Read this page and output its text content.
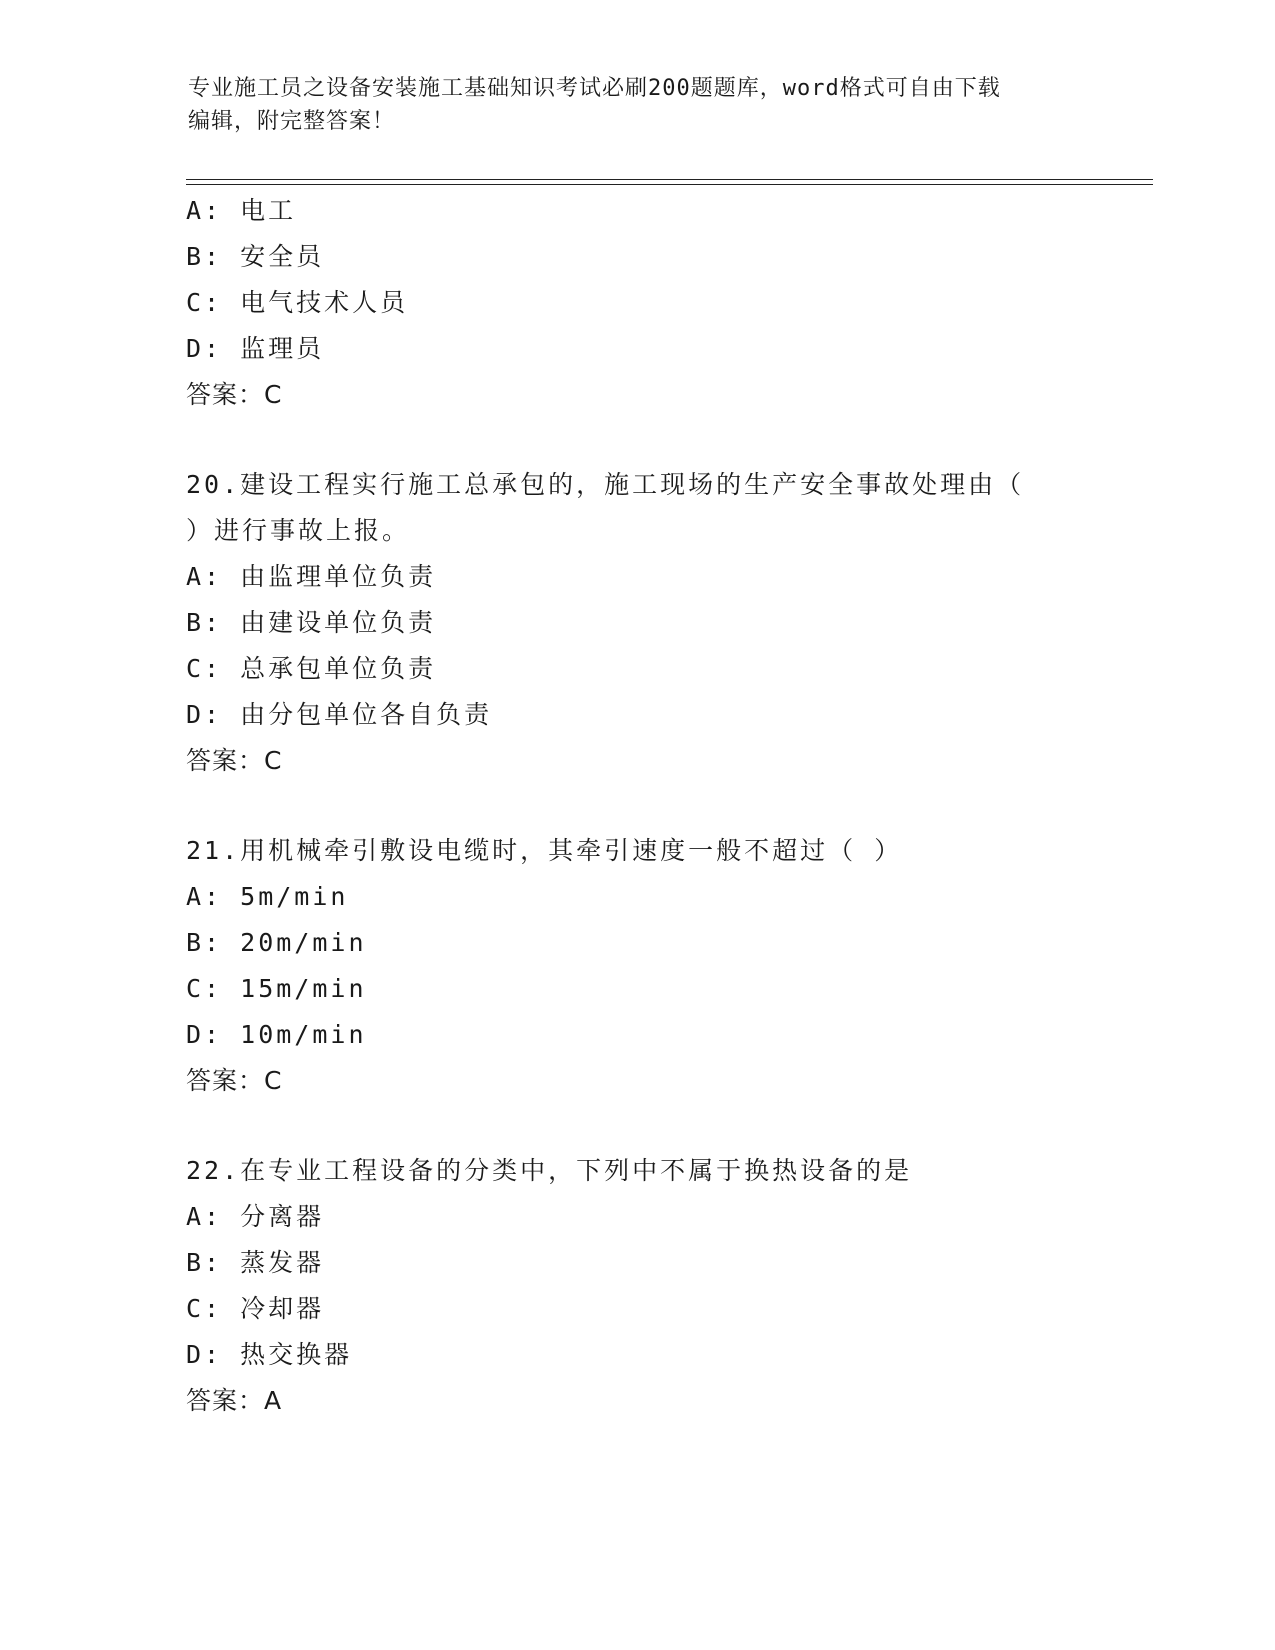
专业施工员之设备安装施工基础知识考试必刷200题题库，word格式可自由下载
编辑，附完整答案！
A: 电工
B: 安全员
C: 电气技术人员
D: 监理员
答案：C
20.建设工程实行施工总承包的，施工现场的生产安全事故处理由（
）进行事故上报。
A: 由监理单位负责
B: 由建设单位负责
C: 总承包单位负责
D: 由分包单位各自负责
答案：C
21.用机械牵引敷设电缆时，其牵引速度一般不超过（ ）
A: 5m/min
B: 20m/min
C: 15m/min
D: 10m/min
答案：C
22.在专业工程设备的分类中，下列中不属于换热设备的是
A: 分离器
B: 蒸发器
C: 冷却器
D: 热交换器
答案：A
